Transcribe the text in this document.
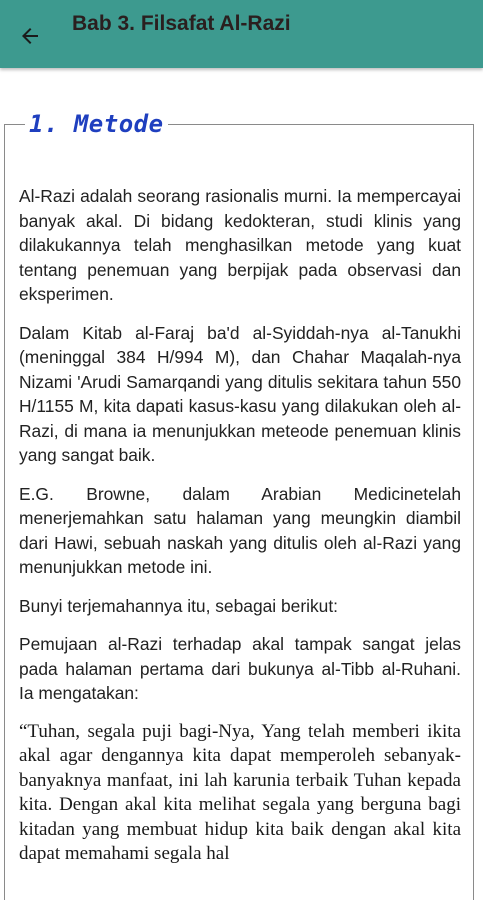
Bab 3. Filsafat Al-Razi
1. Metode

Al-Razi adalah seorang rasionalis murni. Ia mempercayai banyak akal. Di bidang kedokteran, studi klinis yang dilakukannya telah menghasilkan metode yang kuat tentang penemuan yang berpijak pada observasi dan eksperimen.

Dalam Kitab al-Faraj ba'd al-Syiddah-nya al-Tanukhi (meninggal 384 H/994 M), dan Chahar Maqalah-nya Nizami 'Arudi Samarqandi yang ditulis sekitara tahun 550 H/1155 M, kita dapati kasus-kasu yang dilakukan oleh al-Razi, di mana ia menunjukkan meteode penemuan klinis yang sangat baik.

E.G. Browne, dalam Arabian Medicinetelah menerjemahkan satu halaman yang meungkin diambil dari Hawi, sebuah naskah yang ditulis oleh al-Razi yang menunjukkan metode ini.

Bunyi terjemahannya itu, sebagai berikut:

Pemujaan al-Razi terhadap akal tampak sangat jelas pada halaman pertama dari bukunya al-Tibb al-Ruhani. Ia mengatakan:

“Tuhan, segala puji bagi-Nya, Yang telah memberi ikita akal agar dengannya kita dapat memperoleh sebanyak-banyaknya manfaat, ini lah karunia terbaik Tuhan kepada kita. Dengan akal kita melihat segala yang berguna bagi kitadan yang membuat hidup kita baik dengan akal kita dapat memahami segala hal
